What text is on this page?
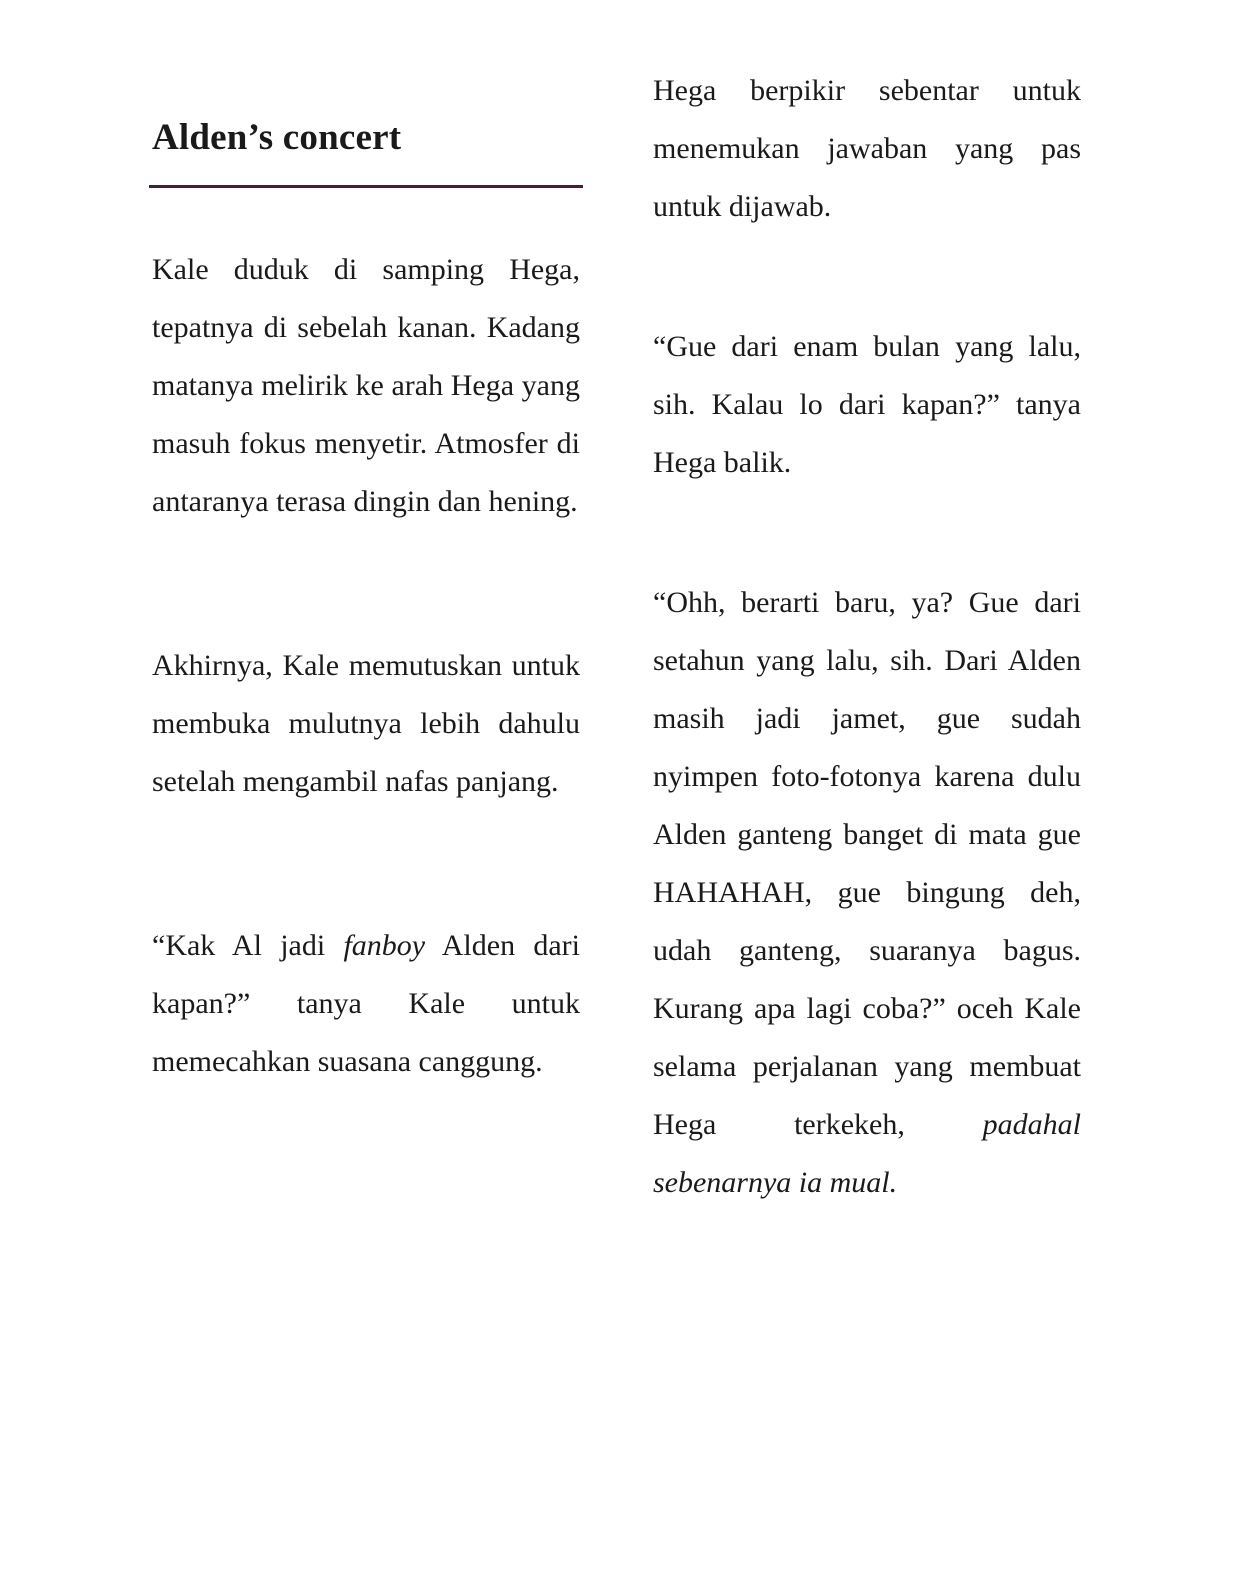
Alden’s concert

Kale duduk di samping Hega, tepatnya di sebelah kanan. Kadang matanya melirik ke arah Hega yang masuh fokus menyetir. Atmosfer di antaranya terasa dingin dan hening.

Akhirnya, Kale memutuskan untuk membuka mulutnya lebih dahulu setelah mengambil nafas panjang.

“Kak Al jadi fanboy Alden dari kapan?” tanya Kale untuk memecahkan suasana canggung.

Hega berpikir sebentar untuk menemukan jawaban yang pas untuk dijawab.

“Gue dari enam bulan yang lalu, sih. Kalau lo dari kapan?” tanya Hega balik.

“Ohh, berarti baru, ya? Gue dari setahun yang lalu, sih. Dari Alden masih jadi jamet, gue sudah nyimpen foto-fotonya karena dulu Alden ganteng banget di mata gue HAHAHAH, gue bingung deh, udah ganteng, suaranya bagus. Kurang apa lagi coba?” oceh Kale selama perjalanan yang membuat Hega terkekeh, padahal sebenarnya ia mual.
